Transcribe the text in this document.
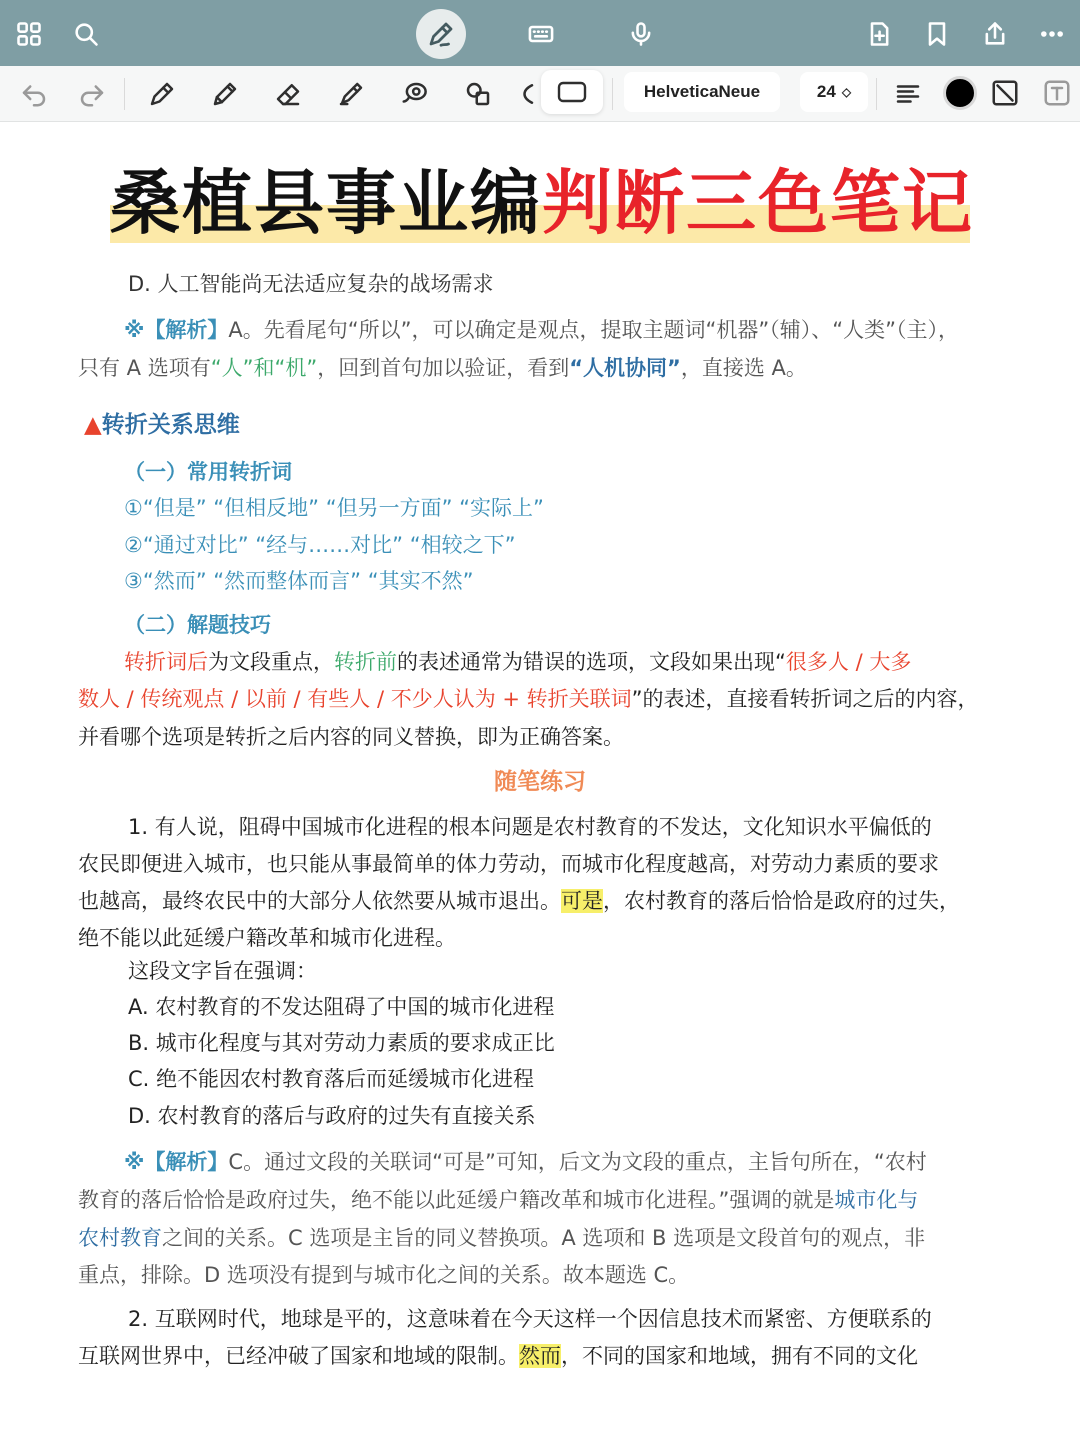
HelveticaNeue	24 ◇
桑植县事业编判断三色笔记
D. 人工智能尚无法适应复杂的战场需求
※【解析】A。先看尾句“所以”，可以确定是观点，提取主题词“机器”（辅）、“人类”（主），
只有 A 选项有“人”和“机”，回到首句加以验证，看到“人机协同”，直接选 A。
▲转折关系思维
（一）常用转折词
①“但是” “但相反地” “但另一方面” “实际上”
②“通过对比” “经与……对比” “相较之下”
③“然而” “然而整体而言” “其实不然”
（二）解题技巧
转折词后为文段重点，转折前的表述通常为错误的选项，文段如果出现“很多人 / 大多
数人 / 传统观点 / 以前 / 有些人 / 不少人认为 + 转折关联词”的表述，直接看转折词之后的内容，
并看哪个选项是转折之后内容的同义替换，即为正确答案。
随笔练习
1. 有人说，阻碍中国城市化进程的根本问题是农村教育的不发达，文化知识水平偏低的
农民即便进入城市，也只能从事最简单的体力劳动，而城市化程度越高，对劳动力素质的要求
也越高，最终农民中的大部分人依然要从城市退出。可是，农村教育的落后恰恰是政府的过失，
绝不能以此延缓户籍改革和城市化进程。
这段文字旨在强调：
A. 农村教育的不发达阻碍了中国的城市化进程
B. 城市化程度与其对劳动力素质的要求成正比
C. 绝不能因农村教育落后而延缓城市化进程
D. 农村教育的落后与政府的过失有直接关系
※【解析】C。通过文段的关联词“可是”可知，后文为文段的重点，主旨句所在，“农村
教育的落后恰恰是政府过失，绝不能以此延缓户籍改革和城市化进程。”强调的就是城市化与
农村教育之间的关系。C 选项是主旨的同义替换项。A 选项和 B 选项是文段首句的观点，非
重点，排除。D 选项没有提到与城市化之间的关系。故本题选 C。
2. 互联网时代，地球是平的，这意味着在今天这样一个因信息技术而紧密、方便联系的
互联网世界中，已经冲破了国家和地域的限制。然而，不同的国家和地域，拥有不同的文化
